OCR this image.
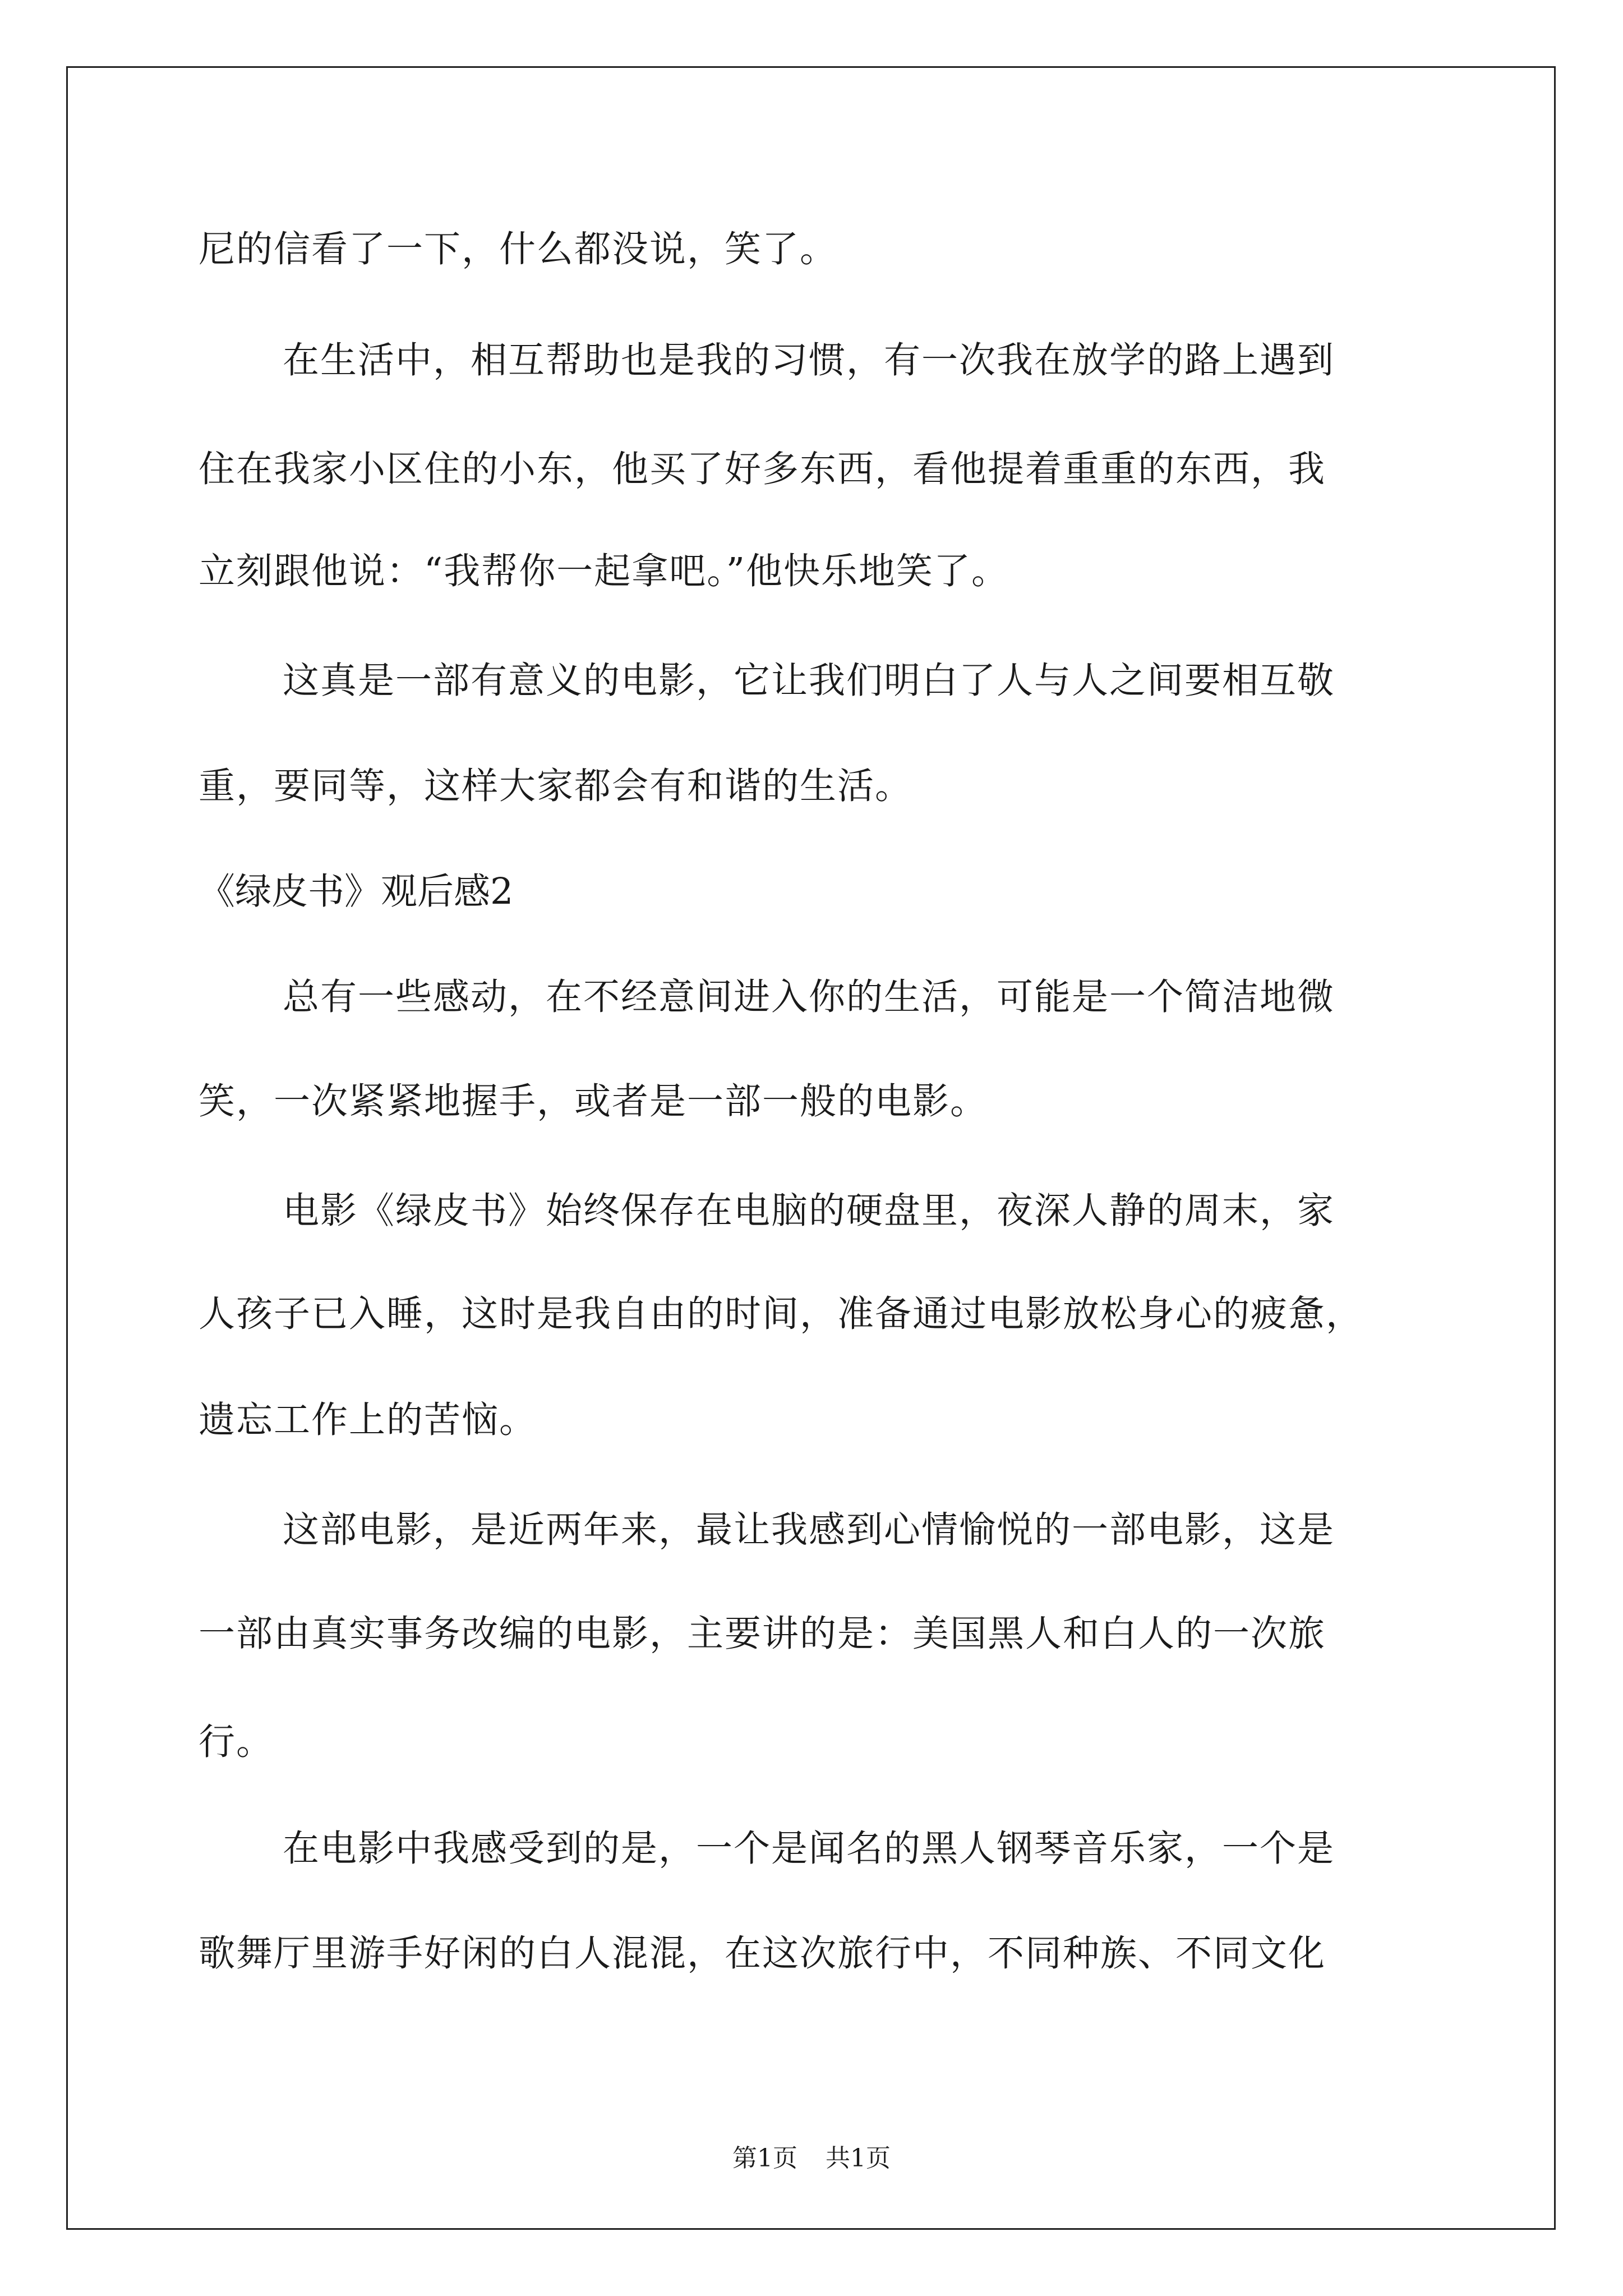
尼的信看了一下，什么都没说，笑了。
在生活中，相互帮助也是我的习惯，有一次我在放学的路上遇到
住在我家小区住的小东，他买了好多东西，看他提着重重的东西，我
立刻跟他说：“我帮你一起拿吧。”他快乐地笑了。
这真是一部有意义的电影，它让我们明白了人与人之间要相互敬
重，要同等，这样大家都会有和谐的生活。
《绿皮书》观后感2
总有一些感动，在不经意间进入你的生活，可能是一个简洁地微
笑，一次紧紧地握手，或者是一部一般的电影。
电影《绿皮书》始终保存在电脑的硬盘里，夜深人静的周末，家
人孩子已入睡，这时是我自由的时间，准备通过电影放松身心的疲惫，
遗忘工作上的苦恼。
这部电影，是近两年来，最让我感到心情愉悦的一部电影，这是
一部由真实事务改编的电影，主要讲的是：美国黑人和白人的一次旅
行。
在电影中我感受到的是，一个是闻名的黑人钢琴音乐家，一个是
歌舞厅里游手好闲的白人混混，在这次旅行中，不同种族、不同文化
第1页 共1页
